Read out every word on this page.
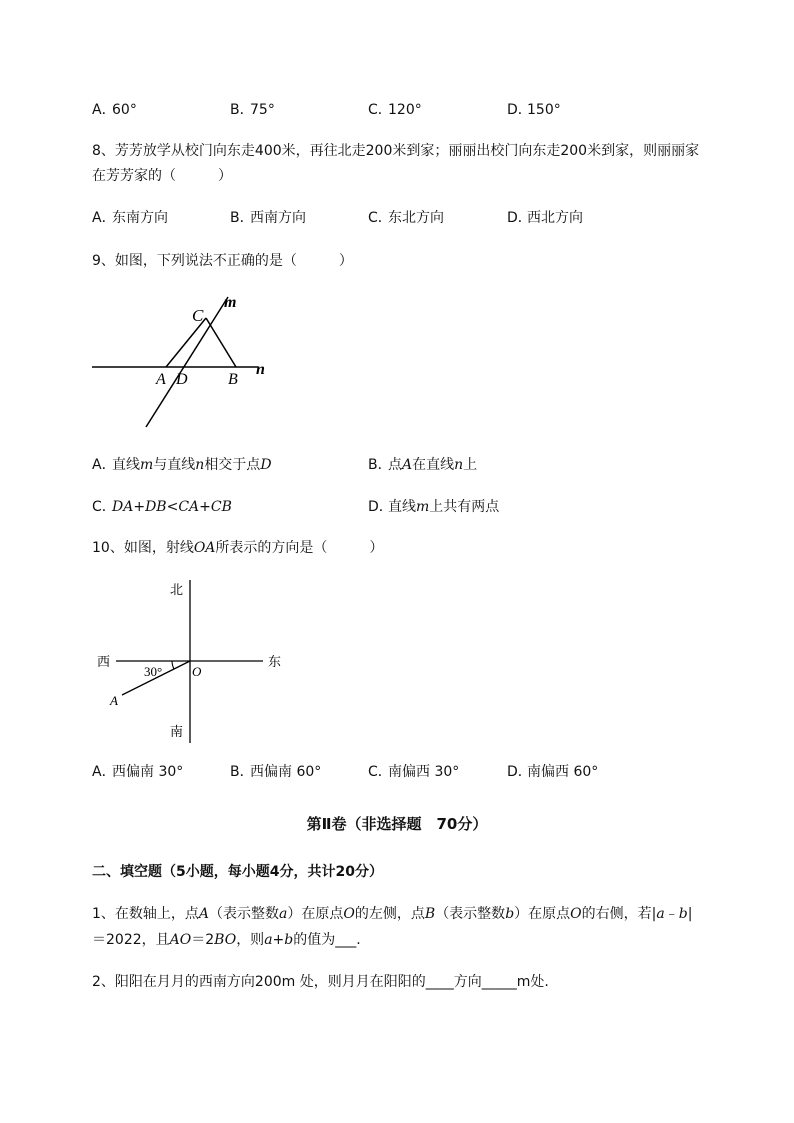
A．60°	B．75°	C．120°	D．150°
8、芳芳放学从校门向东走400米，再往北走200米到家；丽丽出校门向东走200米到家，则丽丽家
在芳芳家的（　　　）
A．东南方向	B．西南方向	C．东北方向	D．西北方向
9、如图，下列说法不正确的是（　　　）
C
m
A D	B
n
A．直线m与直线n相交于点D	B．点A在直线n上
C．DA+DB<CA+CB	D．直线m上共有两点
10、如图，射线OA所表示的方向是（　　　）
北
南
西	东
30° O
A
A．西偏南 30°	B．西偏南 60°	C．南偏西 30°	D．南偏西 60°
第Ⅱ卷（非选择题　70分）
二、填空题（5小题，每小题4分，共计20分）
1、在数轴上，点A（表示整数a）在原点O的左侧，点B（表示整数b）在原点O的右侧，若|a﹣b|
＝2022，且AO＝2BO，则a+b的值为___.
2、阳阳在月月的西南方向200m 处，则月月在阳阳的____方向_____m处.
